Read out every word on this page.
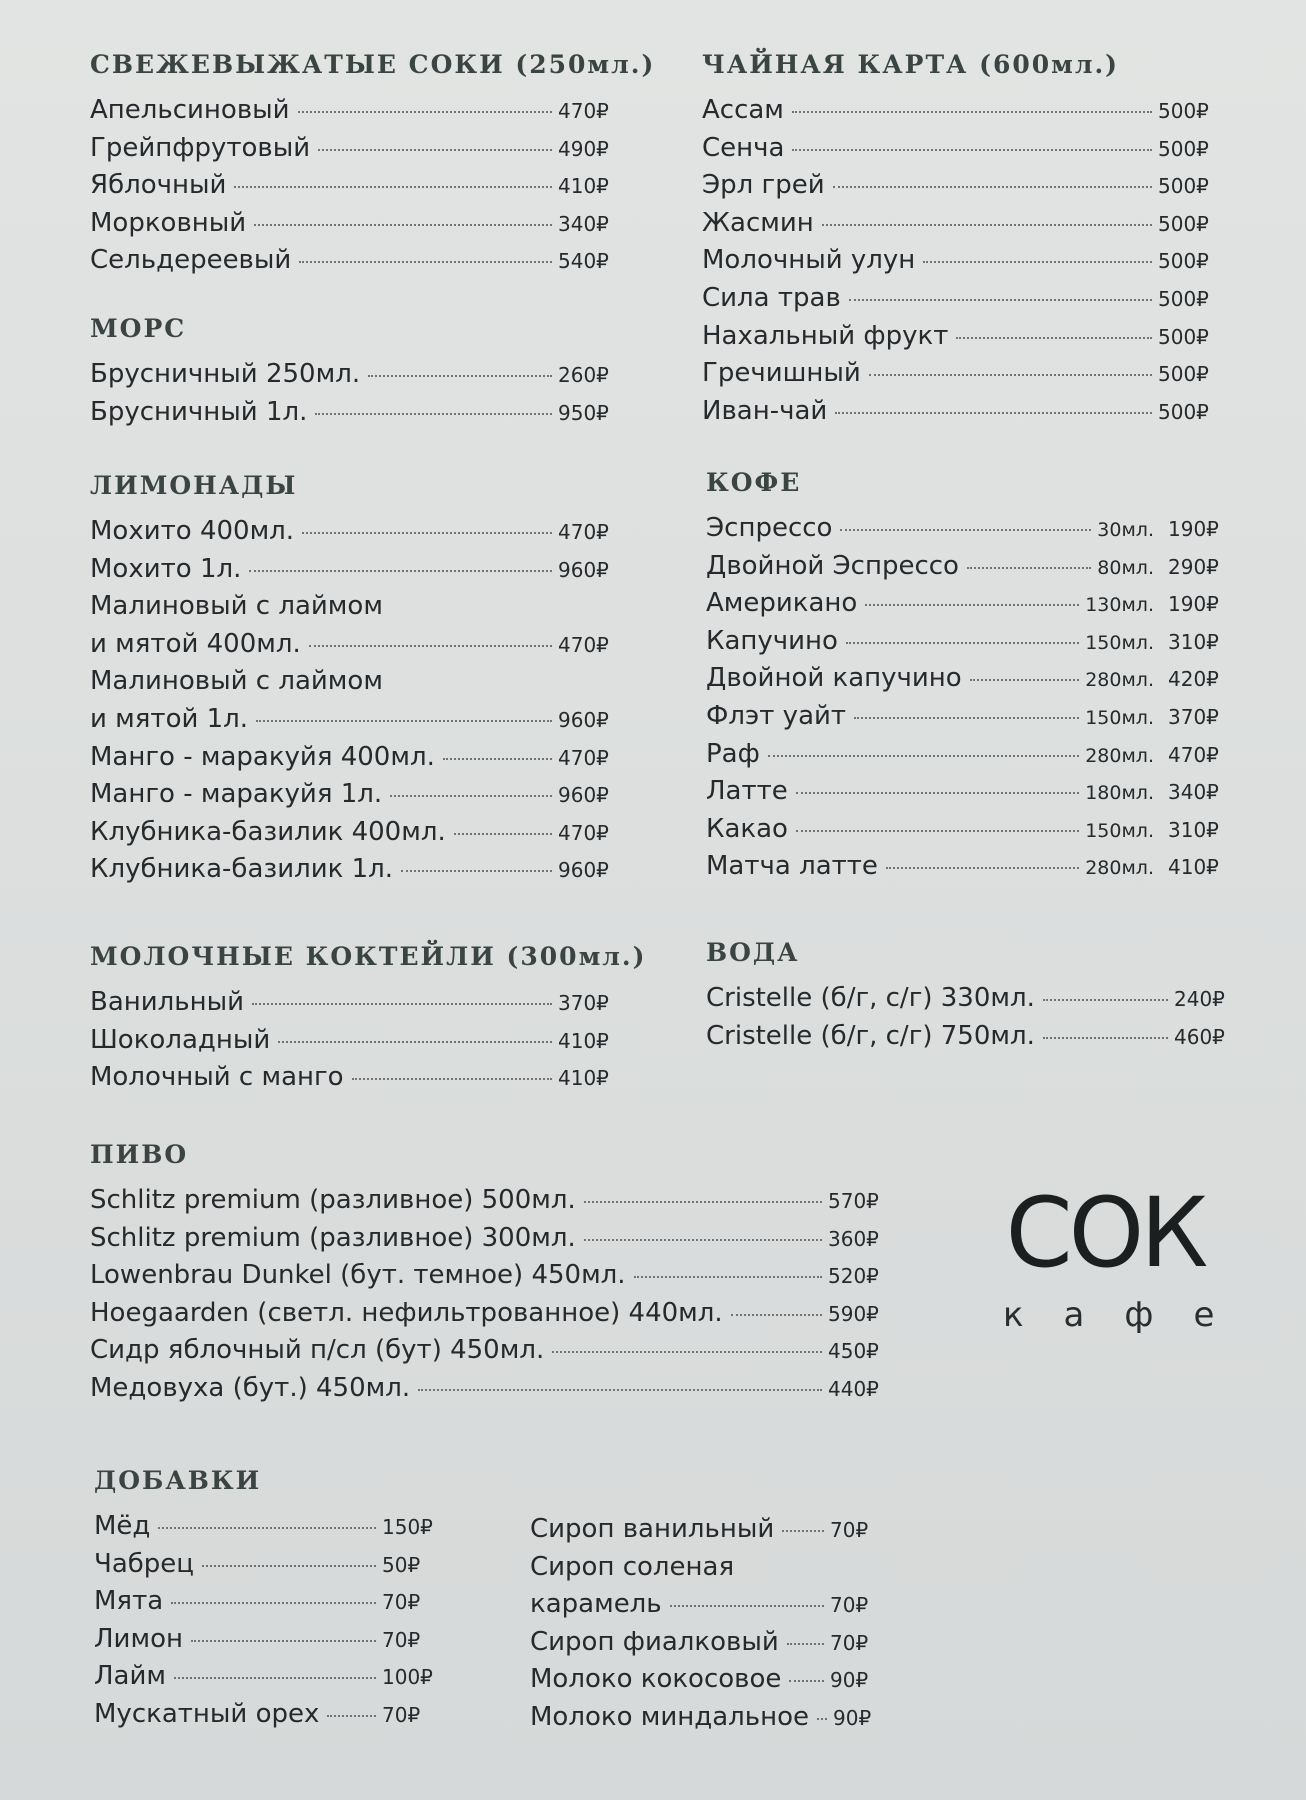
СВЕЖЕВЫЖАТЫЕ СОКИ (250мл.)
Апельсиновый	470₽
Грейпфрутовый	490₽
Яблочный	410₽
Морковный	340₽
Сельдерeевый	540₽
МОРС
Брусничный 250мл.	260₽
Брусничный 1л.	950₽
ЛИМОНАДЫ
Мохито 400мл.	470₽
Мохито 1л.	960₽
Малиновый с лаймом
и мятой 400мл.	470₽
Малиновый с лаймом
и мятой 1л.	960₽
Манго - маракуйя 400мл.	470₽
Манго - маракуйя 1л.	960₽
Клубника-базилик 400мл.	470₽
Клубника-базилик 1л.	960₽
МОЛОЧНЫЕ КОКТЕЙЛИ (300мл.)
Ванильный	370₽
Шоколадный	410₽
Молочный с манго	410₽
ЧАЙНАЯ КАРТА (600мл.)
Ассам	500₽
Сенча	500₽
Эрл грей	500₽
Жасмин	500₽
Молочный улун	500₽
Сила трав	500₽
Нахальный фрукт	500₽
Гречишный	500₽
Иван-чай	500₽
КОФЕ
Эспрессо	30мл. 190₽
Двойной Эспрессо	80мл. 290₽
Американо	130мл. 190₽
Капучино	150мл. 310₽
Двойной капучино	280мл. 420₽
Флэт уайт	150мл. 370₽
Раф	280мл. 470₽
Латте	180мл. 340₽
Какао	150мл. 310₽
Матча латте	280мл. 410₽
ВОДА
Cristelle (б/г, с/г) 330мл.	240₽
Cristelle (б/г, с/г) 750мл.	460₽
ПИВО
Schlitz premium (разливное) 500мл.	570₽
Schlitz premium (разливное) 300мл.	360₽
Lowenbrau Dunkel (бут. темное) 450мл.	520₽
Hoegaarden (светл. нефильтрованное) 440мл.	590₽
Сидр яблочный п/сл (бут) 450мл.	450₽
Медовуха (бут.) 450мл.	440₽
ДОБАВКИ
Мёд	150₽
Чабрец	50₽
Мята	70₽
Лимон	70₽
Лайм	100₽
Мускатный орех	70₽
Сироп ванильный	70₽
Сироп соленая
карамель	70₽
Сироп фиалковый	70₽
Молоко кокосовое 90₽
Молоко миндальное 90₽
СОК
кафе
